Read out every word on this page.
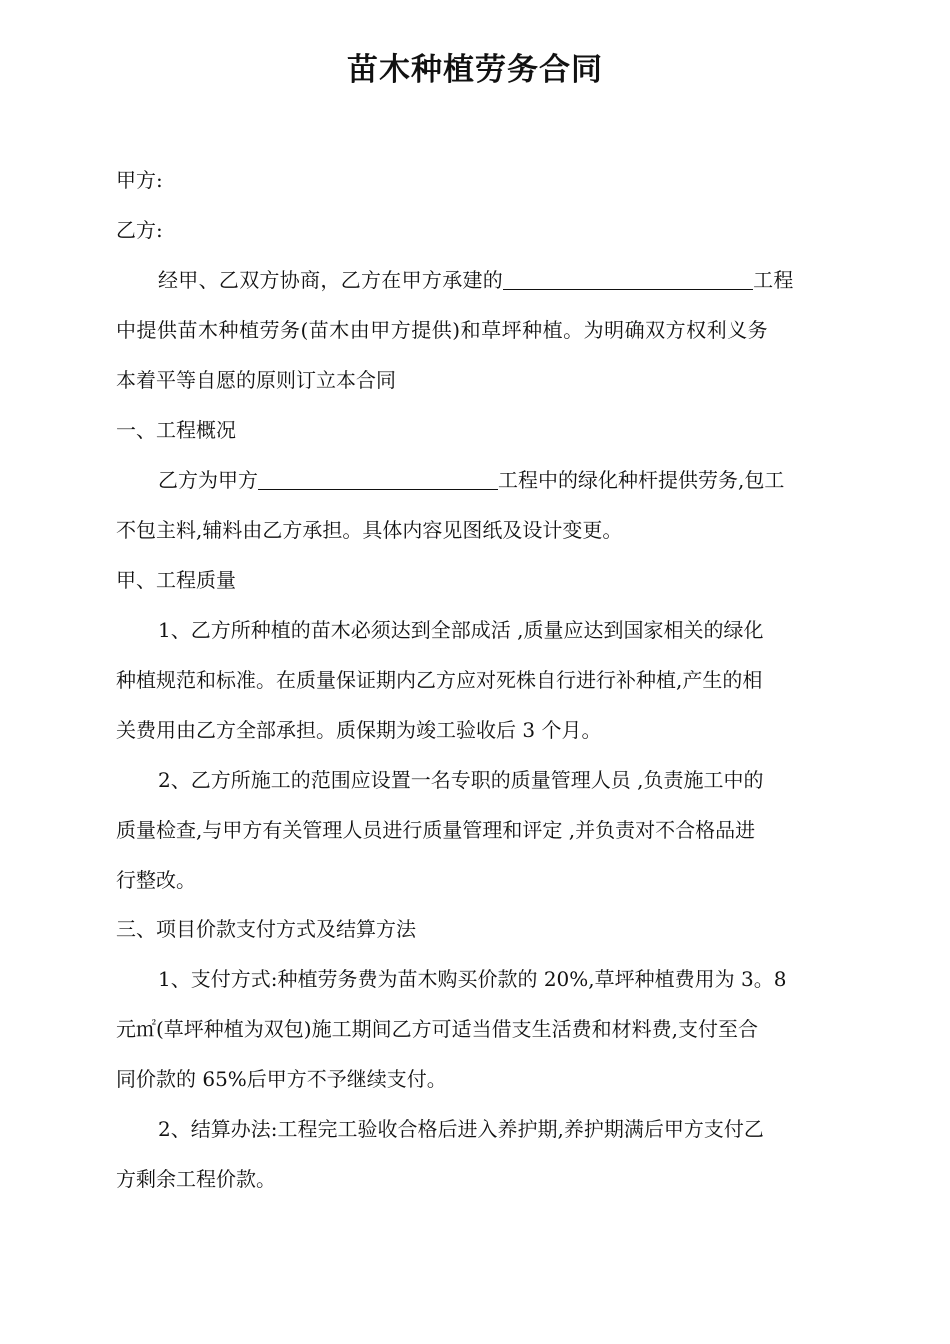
苗木种植劳务合同
甲方:
乙方:
经甲、乙双方协商，乙方在甲方承建的	工程
中提供苗木种植劳务(苗木由甲方提供)和草坪种植。为明确双方权利义务
本着平等自愿的原则订立本合同
一、工程概况
乙方为甲方	工程中的绿化种杆提供劳务,包工
不包主料,辅料由乙方承担。具体内容见图纸及设计变更。
甲、工程质量
1、乙方所种植的苗木必须达到全部成活 ,质量应达到国家相关的绿化
种植规范和标准。在质量保证期内乙方应对死株自行进行补种植,产生的相
关费用由乙方全部承担。质保期为竣工验收后 3 个月。
2、乙方所施工的范围应设置一名专职的质量管理人员 ,负责施工中的
质量检查,与甲方有关管理人员进行质量管理和评定 ,并负责对不合格品进
行整改。
三、项目价款支付方式及结算方法
1、支付方式:种植劳务费为苗木购买价款的 20%,草坪种植费用为 3。8
元㎡(草坪种植为双包)施工期间乙方可适当借支生活费和材料费,支付至合
同价款的 65%后甲方不予继续支付。
2、结算办法:工程完工验收合格后进入养护期,养护期满后甲方支付乙
方剩余工程价款。
